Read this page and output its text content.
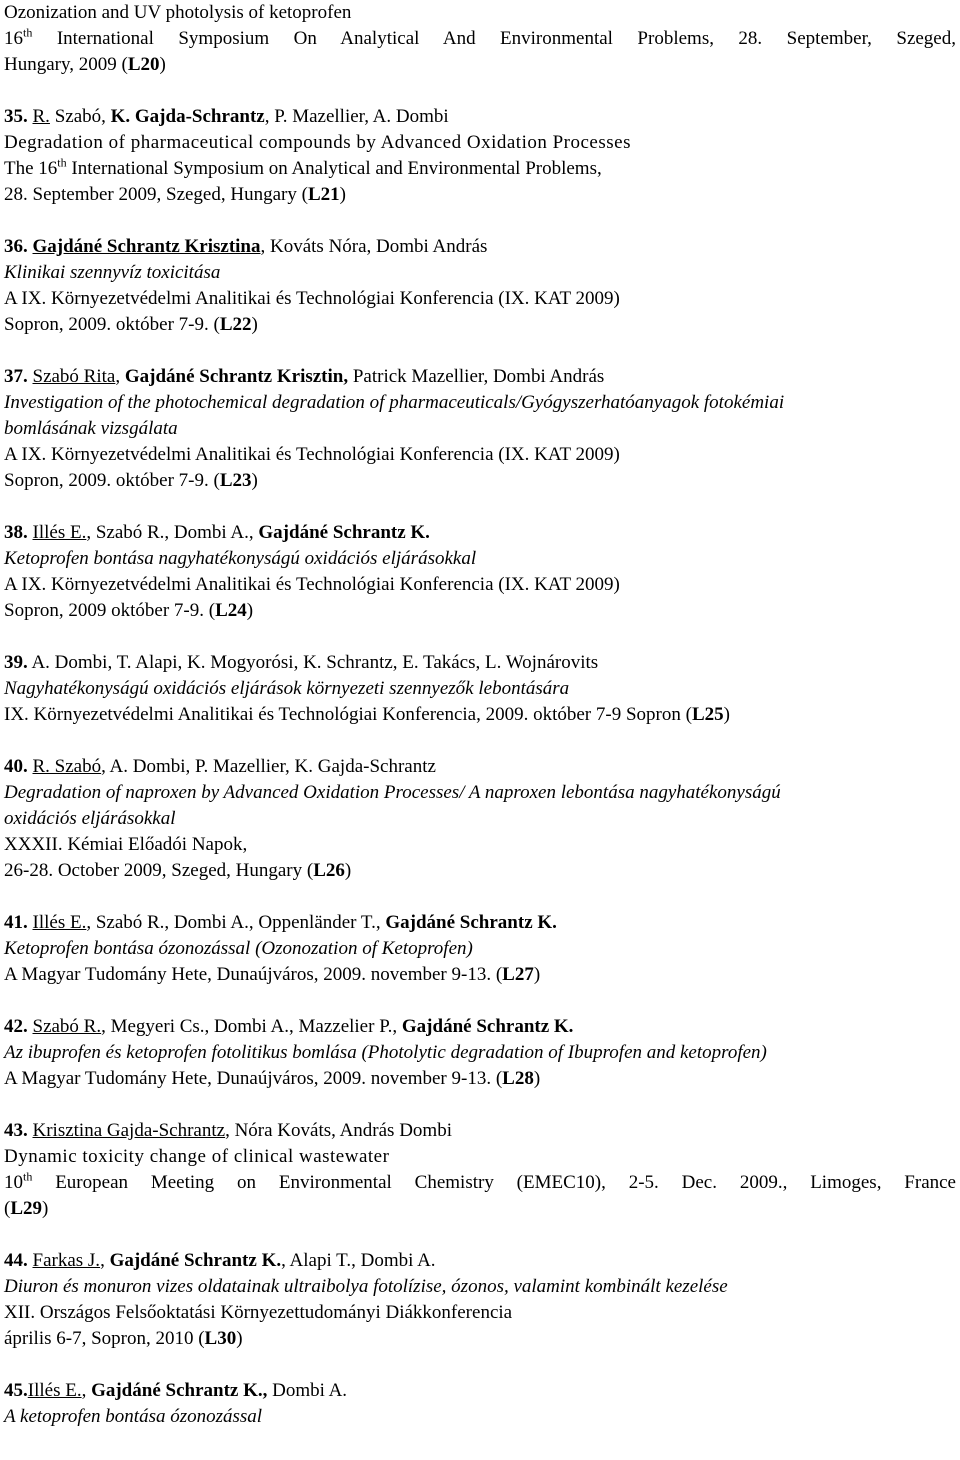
Ozonization and UV photolysis of ketoprofen
16th International Symposium On Analytical And Environmental Problems, 28. September, Szeged,
Hungary, 2009 (L20)
35. R. Szabó, K. Gajda-Schrantz, P. Mazellier, A. Dombi
Degradation of pharmaceutical compounds by Advanced Oxidation Processes
The 16th International Symposium on Analytical and Environmental Problems,
28. September 2009, Szeged, Hungary (L21)
36. Gajdáné Schrantz Krisztina, Kováts Nóra, Dombi András
Klinikai szennyvíz toxicitása
A IX. Környezetvédelmi Analitikai és Technológiai Konferencia (IX. KAT 2009)
Sopron, 2009. október 7-9. (L22)
37. Szabó Rita, Gajdáné Schrantz Krisztin, Patrick Mazellier, Dombi András
Investigation of the photochemical degradation of pharmaceuticals/Gyógyszerhatóanyagok fotokémiai
bomlásának vizsgálata
A IX. Környezetvédelmi Analitikai és Technológiai Konferencia (IX. KAT 2009)
Sopron, 2009. október 7-9. (L23)
38. Illés E., Szabó R., Dombi A., Gajdáné Schrantz K.
Ketoprofen bontása nagyhatékonyságú oxidációs eljárásokkal
A IX. Környezetvédelmi Analitikai és Technológiai Konferencia (IX. KAT 2009)
Sopron, 2009 október 7-9. (L24)
39. A. Dombi, T. Alapi, K. Mogyorósi, K. Schrantz, E. Takács, L. Wojnárovits
Nagyhatékonyságú oxidációs eljárások környezeti szennyezők lebontására
IX. Környezetvédelmi Analitikai és Technológiai Konferencia, 2009. október 7-9 Sopron (L25)
40. R. Szabó, A. Dombi, P. Mazellier, K. Gajda-Schrantz
Degradation of naproxen by Advanced Oxidation Processes/ A naproxen lebontása nagyhatékonyságú
oxidációs eljárásokkal
XXXII. Kémiai Előadói Napok,
26-28. October 2009, Szeged, Hungary (L26)
41. Illés E., Szabó R., Dombi A., Oppenländer T., Gajdáné Schrantz K.
Ketoprofen bontása ózonozással (Ozonozation of Ketoprofen)
A Magyar Tudomány Hete, Dunaújváros, 2009. november 9-13. (L27)
42. Szabó R., Megyeri Cs., Dombi A., Mazzelier P., Gajdáné Schrantz K.
Az ibuprofen és ketoprofen fotolitikus bomlása (Photolytic degradation of Ibuprofen and ketoprofen)
A Magyar Tudomány Hete, Dunaújváros, 2009. november 9-13. (L28)
43. Krisztina Gajda-Schrantz, Nóra Kováts, András Dombi
Dynamic toxicity change of clinical wastewater
10th European Meeting on Environmental Chemistry (EMEC10), 2-5. Dec. 2009., Limoges, France
(L29)
44. Farkas J., Gajdáné Schrantz K., Alapi T., Dombi A.
Diuron és monuron vizes oldatainak ultraibolya fotolízise, ózonos, valamint kombinált kezelése
XII. Országos Felsőoktatási Környezettudományi Diákkonferencia
április 6-7, Sopron, 2010 (L30)
45.Illés E., Gajdáné Schrantz K., Dombi A.
A ketoprofen bontása ózonozással
